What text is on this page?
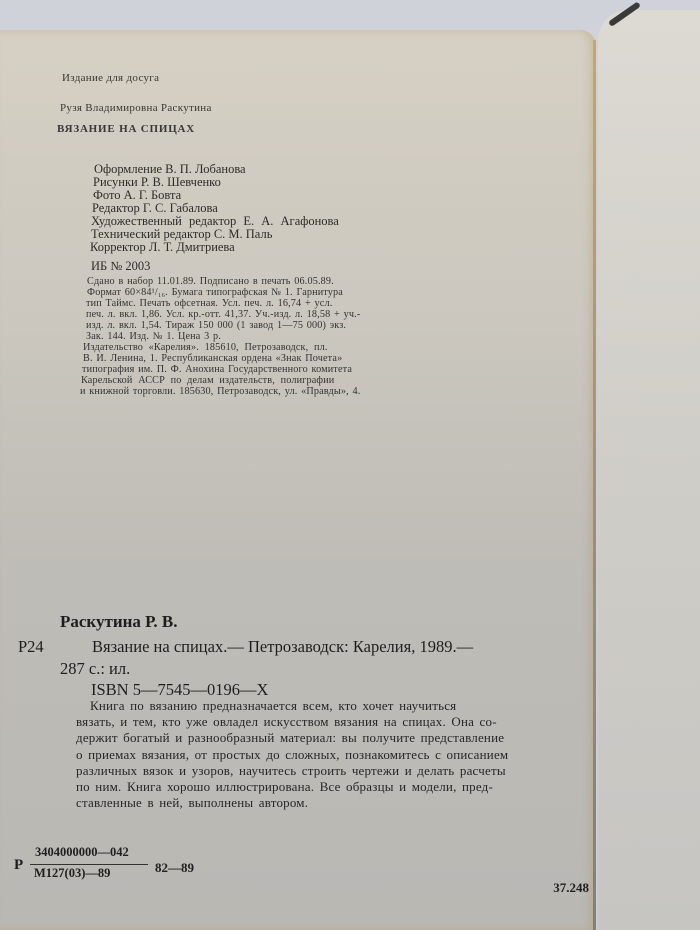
Издание для досуга
Рузя Владимировна Раскутина
ВЯЗАНИЕ НА СПИЦАХ
Оформление В. П. Лобанова
Рисунки Р. В. Шевченко
Фото А. Г. Бовта
Редактор Г. С. Габалова
Художественный редактор Е. А. Агафонова
Технический редактор С. М. Паль
Корректор Л. Т. Дмитриева
ИБ № 2003
Сдано в набор 11.01.89. Подписано в печать 06.05.89.
Формат 60×84¹/₁₆. Бумага типографская № 1. Гарнитура
тип Таймс. Печать офсетная. Усл. печ. л. 16,74 + усл.
печ. л. вкл. 1,86. Усл. кр.-отт. 41,37. Уч.-изд. л. 18,58 + уч.-
изд. л. вкл. 1,54. Тираж 150 000 (1 завод 1—75 000) экз.
Зак. 144. Изд. № 1. Цена 3 р.
Издательство «Карелия». 185610, Петрозаводск, пл.
В. И. Ленина, 1. Республиканская ордена «Знак Почета»
типография им. П. Ф. Анохина Государственного комитета
Карельской АССР по делам издательств, полиграфии
и книжной торговли. 185630, Петрозаводск, ул. «Правды», 4.
Раскутина Р. В.
Р24	Вязание на спицах.— Петрозаводск: Карелия, 1989.—
287 с.: ил.
ISBN 5—7545—0196—Х
Книга по вязанию предназначается всем, кто хочет научиться
вязать, и тем, кто уже овладел искусством вязания на спицах. Она со-
держит богатый и разнообразный материал: вы получите представление
о приемах вязания, от простых до сложных, познакомитесь с описанием
различных вязок и узоров, научитесь строить чертежи и делать расчеты
по ним. Книга хорошо иллюстрирована. Все образцы и модели, пред-
ставленные в ней, выполнены автором.
Р
3404000000—042
М127(03)—89	82—89
37.248
